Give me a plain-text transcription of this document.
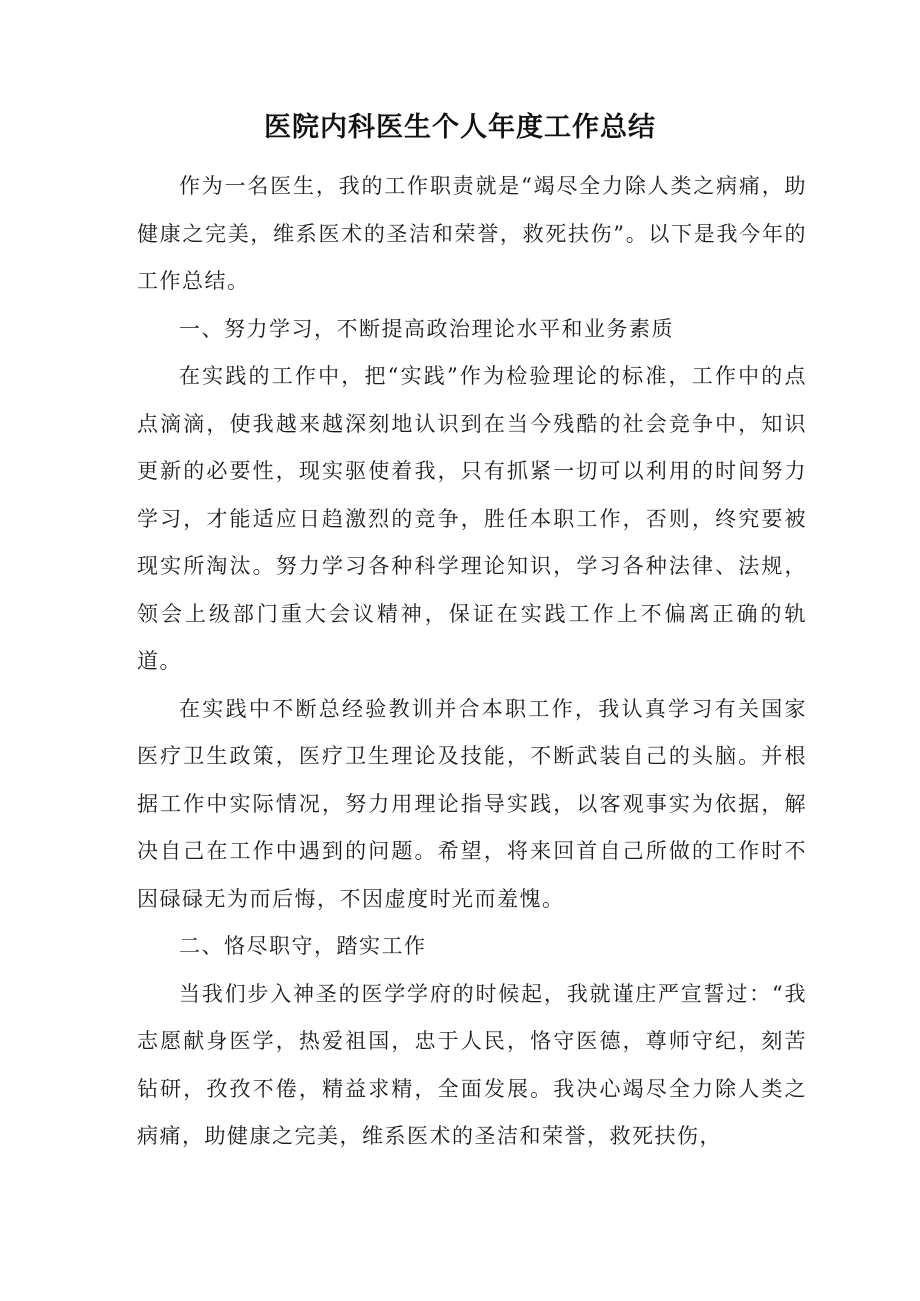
医院内科医生个人年度工作总结

作为一名医生，我的工作职责就是“竭尽全力除人类之病痛，助健康之完美，维系医术的圣洁和荣誉，救死扶伤”。以下是我今年的工作总结。

一、努力学习，不断提高政治理论水平和业务素质

在实践的工作中，把“实践”作为检验理论的标准，工作中的点点滴滴，使我越来越深刻地认识到在当今残酷的社会竞争中，知识更新的必要性，现实驱使着我，只有抓紧一切可以利用的时间努力学习，才能适应日趋激烈的竞争，胜任本职工作，否则，终究要被现实所淘汰。努力学习各种科学理论知识，学习各种法律、法规，领会上级部门重大会议精神，保证在实践工作上不偏离正确的轨道。

在实践中不断总经验教训并合本职工作，我认真学习有关国家医疗卫生政策，医疗卫生理论及技能，不断武装自己的头脑。并根据工作中实际情况，努力用理论指导实践，以客观事实为依据，解决自己在工作中遇到的问题。希望，将来回首自己所做的工作时不因碌碌无为而后悔，不因虚度时光而羞愧。

二、恪尽职守，踏实工作

当我们步入神圣的医学学府的时候起，我就谨庄严宣誓过：“我志愿献身医学，热爱祖国，忠于人民，恪守医德，尊师守纪，刻苦钻研，孜孜不倦，精益求精，全面发展。我决心竭尽全力除人类之病痛，助健康之完美，维系医术的圣洁和荣誉，救死扶伤，
